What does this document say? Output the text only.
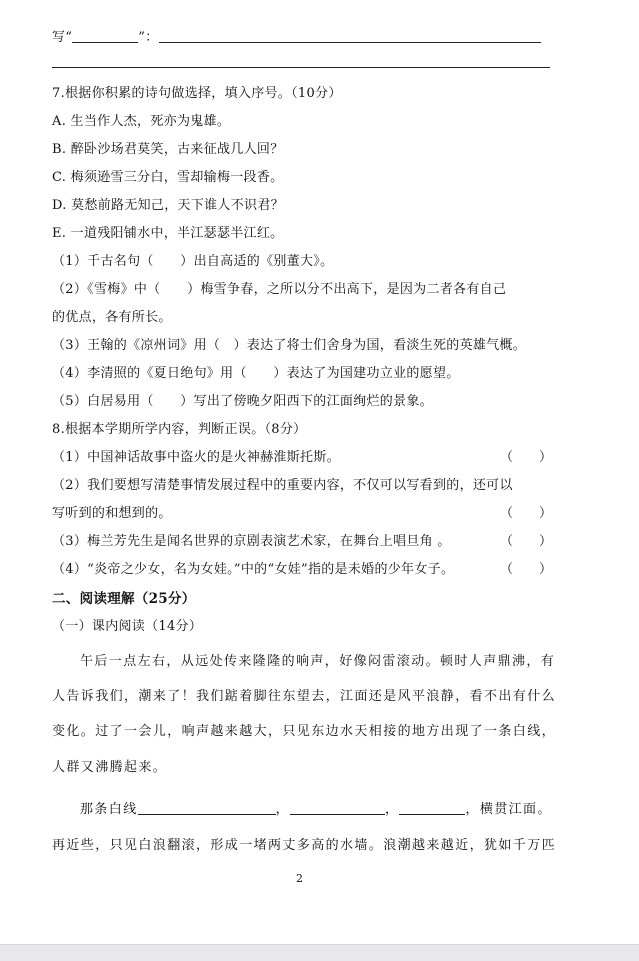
写“	”：
7.根据你积累的诗句做选择，填入序号。（10分）
A. 生当作人杰，死亦为鬼雄。
B. 醉卧沙场君莫笑，古来征战几人回？
C. 梅须逊雪三分白，雪却输梅一段香。
D. 莫愁前路无知己，天下谁人不识君？
E. 一道残阳铺水中，半江瑟瑟半江红。
（1）千古名句（　　）出自高适的《别董大》。
（2）《雪梅》中（　　）梅雪争春，之所以分不出高下，是因为二者各有自己
的优点，各有所长。
（3）王翰的《凉州词》用（　）表达了将士们舍身为国，看淡生死的英雄气概。
（4）李清照的《夏日绝句》用（　　）表达了为国建功立业的愿望。
（5）白居易用（　　）写出了傍晚夕阳西下的江面绚烂的景象。
8.根据本学期所学内容，判断正误。（8分）
（1）中国神话故事中盗火的是火神赫淮斯托斯。	（　　）
（2）我们要想写清楚事情发展过程中的重要内容，不仅可以写看到的，还可以
写听到的和想到的。	（　　）
（3）梅兰芳先生是闻名世界的京剧表演艺术家，在舞台上唱旦角 。	（　　）
（4）“炎帝之少女，名为女娃。”中的“女娃”指的是未婚的少年女子。	（　　）
二、阅读理解（25分）
（一）课内阅读（14分）
午后一点左右，从远处传来隆隆的响声，好像闷雷滚动。顿时人声鼎沸，有
人告诉我们，潮来了！我们踮着脚往东望去，江面还是风平浪静，看不出有什么
变化。过了一会儿，响声越来越大，只见东边水天相接的地方出现了一条白线，
人群又沸腾起来。
那条白线	，	，	，横贯江面。
再近些，只见白浪翻滚，形成一堵两丈多高的水墙。浪潮越来越近，犹如千万匹
2
